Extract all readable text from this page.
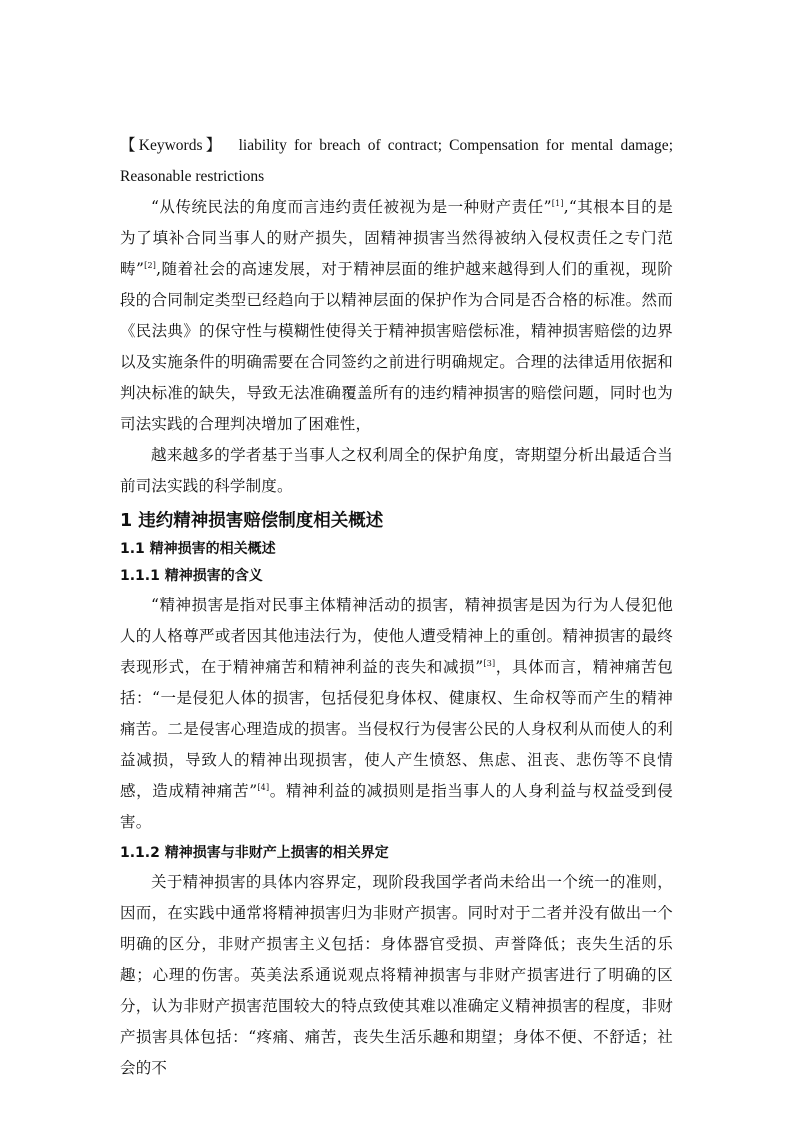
【Keywords】 liability for breach of contract; Compensation for mental damage; Reasonable restrictions

“从传统民法的角度而言违约责任被视为是一种财产责任”[1],“其根本目的是为了填补合同当事人的财产损失，固精神损害当然得被纳入侵权责任之专门范畴”[2],随着社会的高速发展，对于精神层面的维护越来越得到人们的重视，现阶段的合同制定类型已经趋向于以精神层面的保护作为合同是否合格的标准。然而《民法典》的保守性与模糊性使得关于精神损害赔偿标准，精神损害赔偿的边界以及实施条件的明确需要在合同签约之前进行明确规定。合理的法律适用依据和判决标准的缺失，导致无法准确覆盖所有的违约精神损害的赔偿问题，同时也为司法实践的合理判决增加了困难性，

越来越多的学者基于当事人之权利周全的保护角度，寄期望分析出最适合当前司法实践的科学制度。

1 违约精神损害赔偿制度相关概述
1.1 精神损害的相关概述
1.1.1 精神损害的含义

“精神损害是指对民事主体精神活动的损害，精神损害是因为行为人侵犯他人的人格尊严或者因其他违法行为，使他人遭受精神上的重创。精神损害的最终表现形式，在于精神痛苦和精神利益的丧失和减损”[3]，具体而言，精神痛苦包括：“一是侵犯人体的损害，包括侵犯身体权、健康权、生命权等而产生的精神痛苦。二是侵害心理造成的损害。当侵权行为侵害公民的人身权利从而使人的利益减损，导致人的精神出现损害，使人产生愤怒、焦虑、沮丧、悲伤等不良情感，造成精神痛苦”[4]。精神利益的减损则是指当事人的人身利益与权益受到侵害。

1.1.2 精神损害与非财产上损害的相关界定

关于精神损害的具体内容界定，现阶段我国学者尚未给出一个统一的准则，因而，在实践中通常将精神损害归为非财产损害。同时对于二者并没有做出一个明确的区分，非财产损害主义包括：身体器官受损、声誉降低；丧失生活的乐趣；心理的伤害。英美法系通说观点将精神损害与非财产损害进行了明确的区分，认为非财产损害范围较大的特点致使其难以准确定义精神损害的程度，非财产损害具体包括：“疼痛、痛苦，丧失生活乐趣和期望；身体不便、不舒适；社会的不
